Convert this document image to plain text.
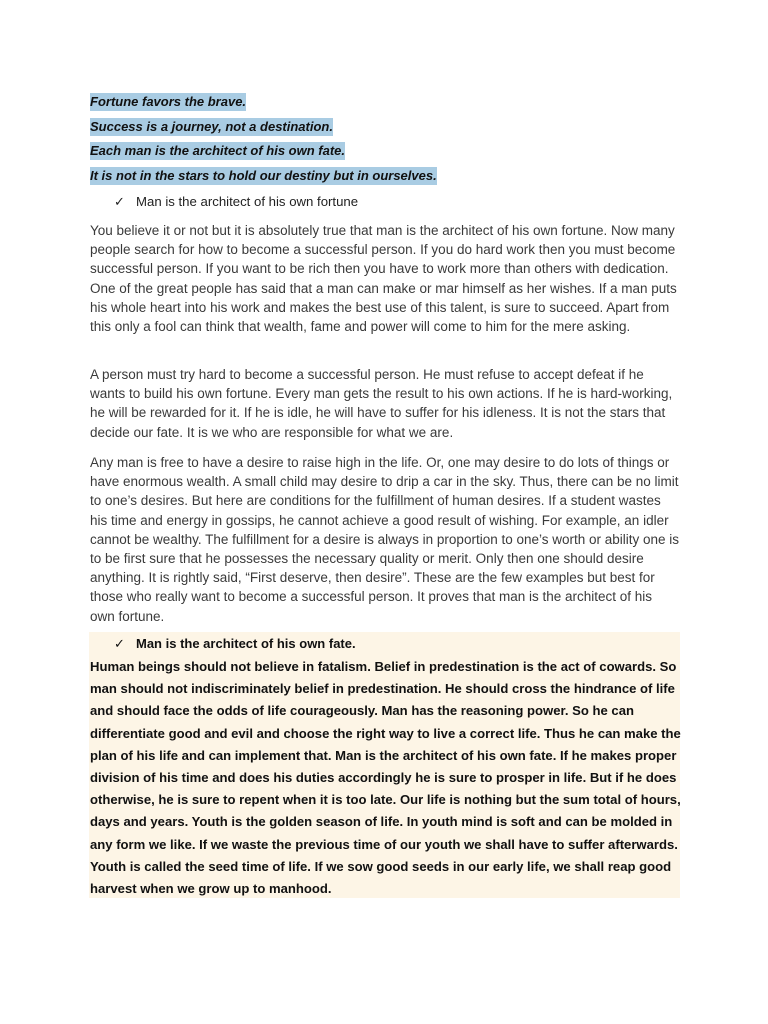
Fortune favors the brave.
Success is a journey, not a destination.
Each man is the architect of his own fate.
It is not in the stars to hold our destiny but in ourselves.
✓ Man is the architect of his own fortune

You believe it or not but it is absolutely true that man is the architect of his own fortune. Now many people search for how to become a successful person. If you do hard work then you must become successful person. If you want to be rich then you have to work more than others with dedication. One of the great people has said that a man can make or mar himself as her wishes. If a man puts his whole heart into his work and makes the best use of this talent, is sure to succeed. Apart from this only a fool can think that wealth, fame and power will come to him for the mere asking.

A person must try hard to become a successful person. He must refuse to accept defeat if he wants to build his own fortune. Every man gets the result to his own actions. If he is hard-working, he will be rewarded for it. If he is idle, he will have to suffer for his idleness. It is not the stars that decide our fate. It is we who are responsible for what we are.

Any man is free to have a desire to raise high in the life. Or, one may desire to do lots of things or have enormous wealth. A small child may desire to drip a car in the sky. Thus, there can be no limit to one’s desires. But here are conditions for the fulfillment of human desires. If a student wastes his time and energy in gossips, he cannot achieve a good result of wishing. For example, an idler cannot be wealthy. The fulfillment for a desire is always in proportion to one’s worth or ability one is to be first sure that he possesses the necessary quality or merit. Only then one should desire anything. It is rightly said, “First deserve, then desire”. These are the few examples but best for those who really want to become a successful person. It proves that man is the architect of his own fortune.

✓ Man is the architect of his own fate.

Human beings should not believe in fatalism. Belief in predestination is the act of cowards. So man should not indiscriminately belief in predestination. He should cross the hindrance of life and should face the odds of life courageously. Man has the reasoning power. So he can differentiate good and evil and choose the right way to live a correct life. Thus he can make the plan of his life and can implement that. Man is the architect of his own fate. If he makes proper division of his time and does his duties accordingly he is sure to prosper in life. But if he does otherwise, he is sure to repent when it is too late. Our life is nothing but the sum total of hours, days and years. Youth is the golden season of life. In youth mind is soft and can be molded in any form we like. If we waste the previous time of our youth we shall have to suffer afterwards. Youth is called the seed time of life. If we sow good seeds in our early life, we shall reap good harvest when we grow up to manhood.
